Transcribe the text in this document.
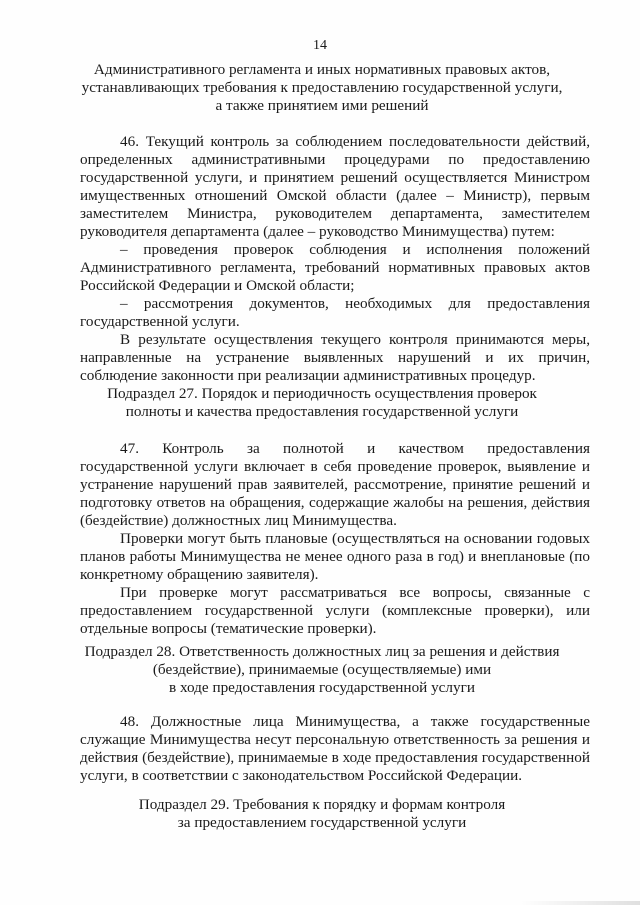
14
Административного регламента и иных нормативных правовых актов,
устанавливающих требования к предоставлению государственной услуги,
а также принятием ими решений
46. Текущий контроль за соблюдением последовательности действий,
определенных административными процедурами по предоставлению
государственной услуги, и принятием решений осуществляется Министром
имущественных отношений Омской области (далее – Министр), первым
заместителем Министра, руководителем департамента, заместителем
руководителя департамента (далее – руководство Минимущества) путем:
– проведения проверок соблюдения и исполнения положений
Административного регламента, требований нормативных правовых актов
Российской Федерации и Омской области;
– рассмотрения документов, необходимых для предоставления
государственной услуги.
В результате осуществления текущего контроля принимаются меры,
направленные на устранение выявленных нарушений и их причин,
соблюдение законности при реализации административных процедур.
Подраздел 27. Порядок и периодичность осуществления проверок
полноты и качества предоставления государственной услуги
47. Контроль за полнотой и качеством предоставления
государственной услуги включает в себя проведение проверок, выявление и
устранение нарушений прав заявителей, рассмотрение, принятие решений и
подготовку ответов на обращения, содержащие жалобы на решения, действия
(бездействие) должностных лиц Минимущества.
Проверки могут быть плановые (осуществляться на основании годовых
планов работы Минимущества не менее одного раза в год) и внеплановые (по
конкретному обращению заявителя).
При проверке могут рассматриваться все вопросы, связанные с
предоставлением государственной услуги (комплексные проверки), или
отдельные вопросы (тематические проверки).
Подраздел 28. Ответственность должностных лиц за решения и действия
(бездействие), принимаемые (осуществляемые) ими
в ходе предоставления государственной услуги
48. Должностные лица Минимущества, а также государственные
служащие Минимущества несут персональную ответственность за решения и
действия (бездействие), принимаемые в ходе предоставления государственной
услуги, в соответствии с законодательством Российской Федерации.
Подраздел 29. Требования к порядку и формам контроля
за предоставлением государственной услуги
